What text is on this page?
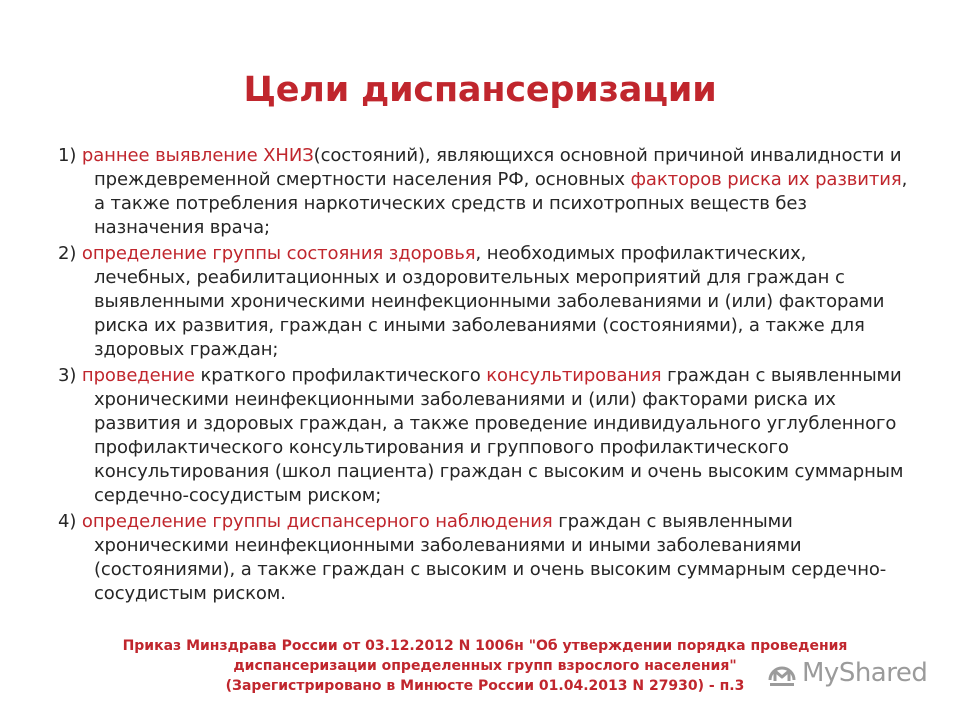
Цели диспансеризации
1) раннее выявление ХНИЗ(состояний), являющихся основной причиной инвалидности и преждевременной смертности населения РФ, основных факторов риска их развития, а также потребления наркотических средств и психотропных веществ без назначения врача;
2) определение группы состояния здоровья, необходимых профилактических, лечебных, реабилитационных и оздоровительных мероприятий для граждан с выявленными хроническими неинфекционными заболеваниями и (или) факторами риска их развития, граждан с иными заболеваниями (состояниями), а также для здоровых граждан;
3) проведение краткого профилактического консультирования граждан с выявленными хроническими неинфекционными заболеваниями и (или) факторами риска их развития и здоровых граждан, а также проведение индивидуального углубленного профилактического консультирования и группового профилактического консультирования (школ пациента) граждан с высоким и очень высоким суммарным сердечно-сосудистым риском;
4) определение группы диспансерного наблюдения граждан с выявленными хроническими неинфекционными заболеваниями и иными заболеваниями (состояниями), а также граждан с высоким и очень высоким суммарным сердечно-сосудистым риском.
Приказ Минздрава России от 03.12.2012 N 1006н "Об утверждении порядка проведения
диспансеризации определенных групп взрослого населения"
(Зарегистрировано в Минюсте России 01.04.2013 N 27930) - п.3	MyShared
